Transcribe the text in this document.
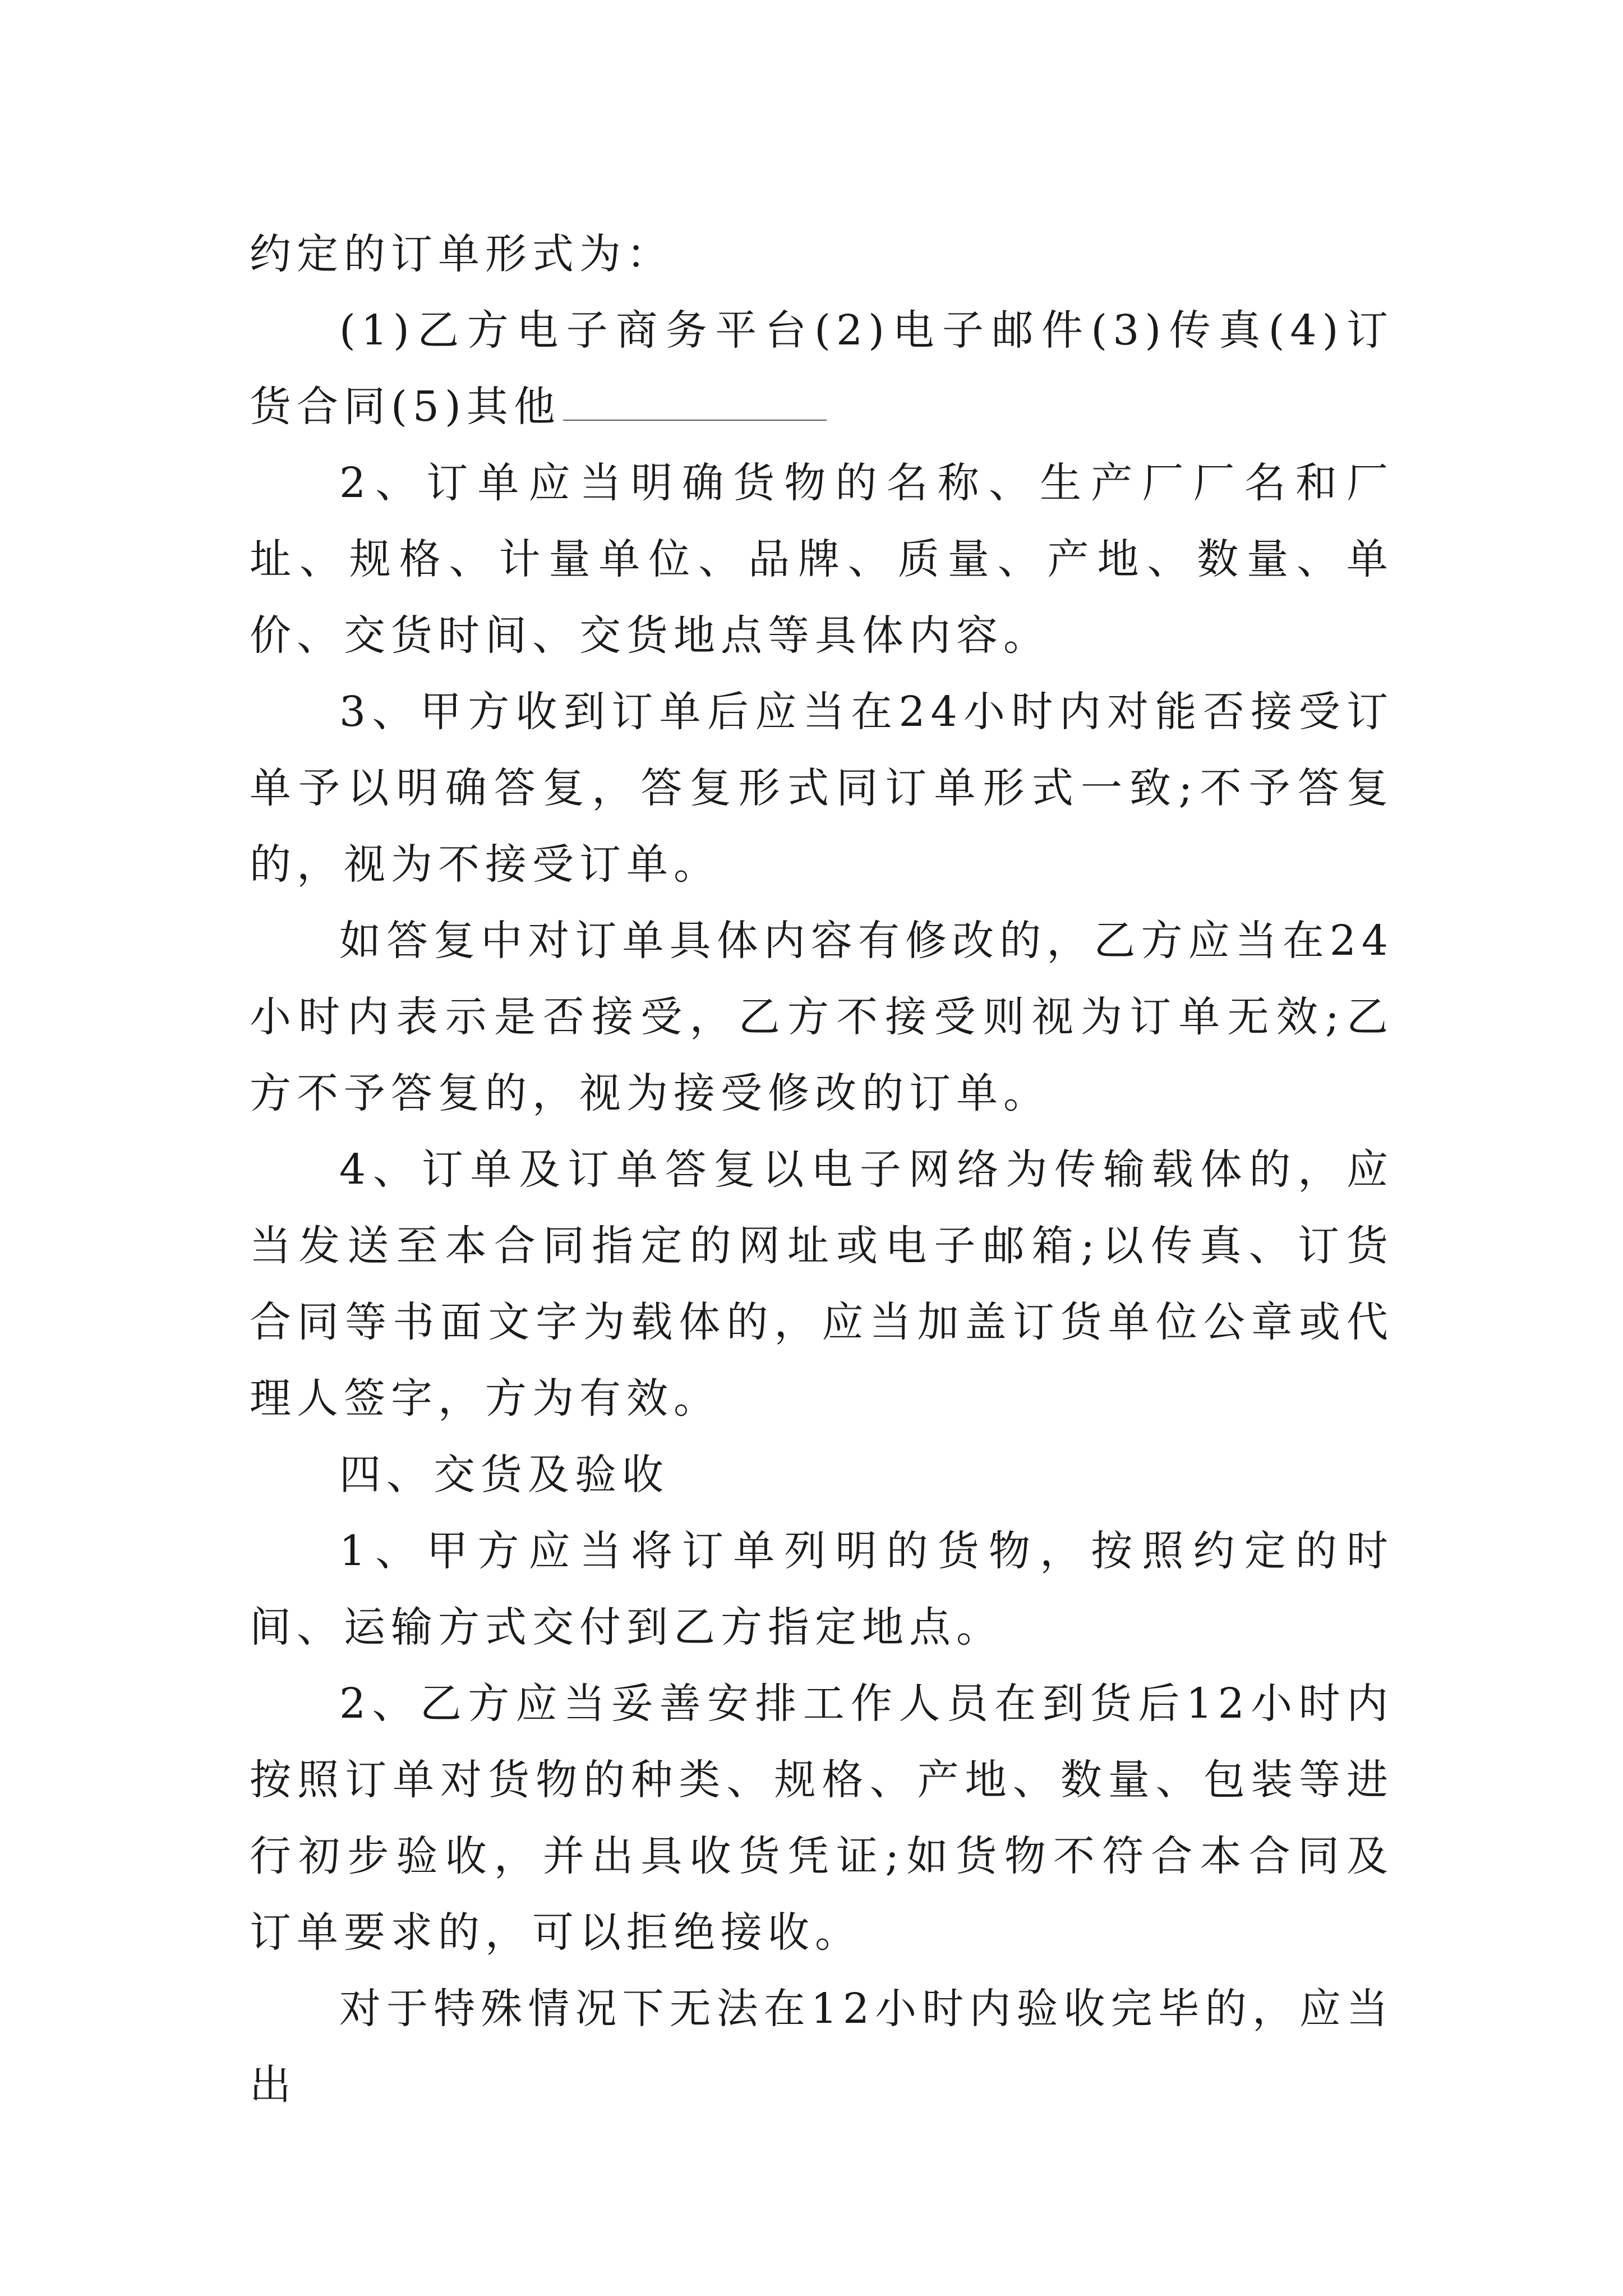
约定的订单形式为：

(1)乙方电子商务平台(2)电子邮件(3)传真(4)订货合同(5)其他

2、订单应当明确货物的名称、生产厂厂名和厂址、规格、计量单位、品牌、质量、产地、数量、单价、交货时间、交货地点等具体内容。

3、甲方收到订单后应当在24小时内对能否接受订单予以明确答复，答复形式同订单形式一致;不予答复的，视为不接受订单。

如答复中对订单具体内容有修改的，乙方应当在24小时内表示是否接受，乙方不接受则视为订单无效;乙方不予答复的，视为接受修改的订单。

4、订单及订单答复以电子网络为传输载体的，应当发送至本合同指定的网址或电子邮箱;以传真、订货合同等书面文字为载体的，应当加盖订货单位公章或代理人签字，方为有效。

四、交货及验收

1、甲方应当将订单列明的货物，按照约定的时间、运输方式交付到乙方指定地点。

2、乙方应当妥善安排工作人员在到货后12小时内按照订单对货物的种类、规格、产地、数量、包装等进行初步验收，并出具收货凭证;如货物不符合本合同及订单要求的，可以拒绝接收。

对于特殊情况下无法在12小时内验收完毕的，应当出
